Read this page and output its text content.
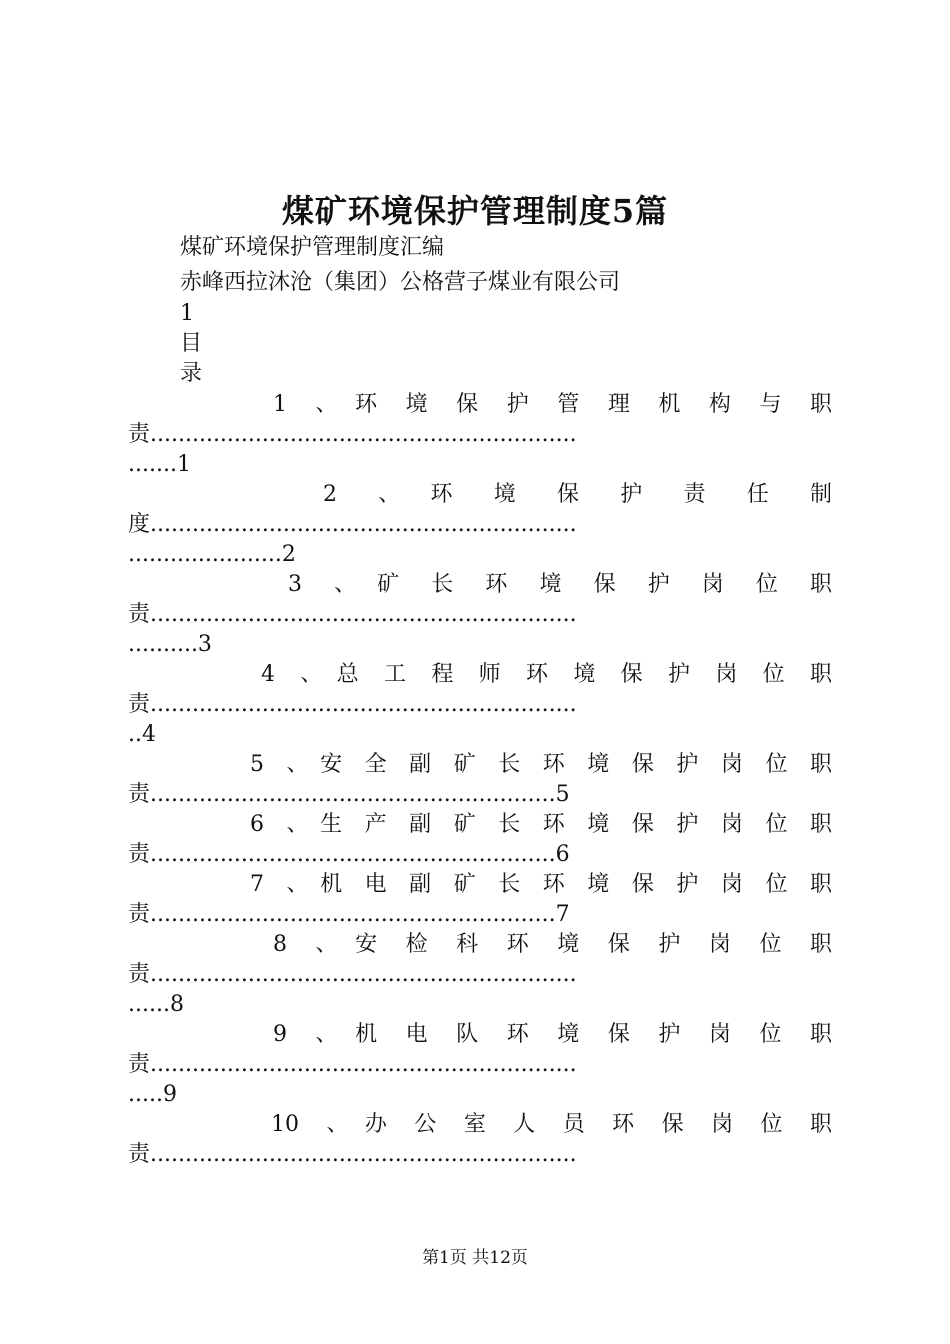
煤矿环境保护管理制度5篇
煤矿环境保护管理制度汇编
赤峰西拉沐沧（集团）公格营子煤业有限公司
1
目
录
1　、　环　境　保　护　管　理　机　构　与　职
责.............................................................
.......1
2　、　环　境　保　护　责　任　制
度.............................................................
......................2
3　、　矿　长　环　境　保　护　岗　位　职
责.............................................................
..........3
4　、　总　工　程　师　环　境　保　护　岗　位　职
责.............................................................
..4
5　、　安　全　副　矿　长　环　境　保　护　岗　位　职
责..........................................................5
6　、　生　产　副　矿　长　环　境　保　护　岗　位　职
责..........................................................6
7　、　机　电　副　矿　长　环　境　保　护　岗　位　职
责..........................................................7
8　、　安　检　科　环　境　保　护　岗　位　职
责.............................................................
......8
9　、　机　电　队　环　境　保　护　岗　位　职
责.............................................................
.....9
10　、　办　公　室　人　员　环　保　岗　位　职
责.............................................................
第1页 共12页
